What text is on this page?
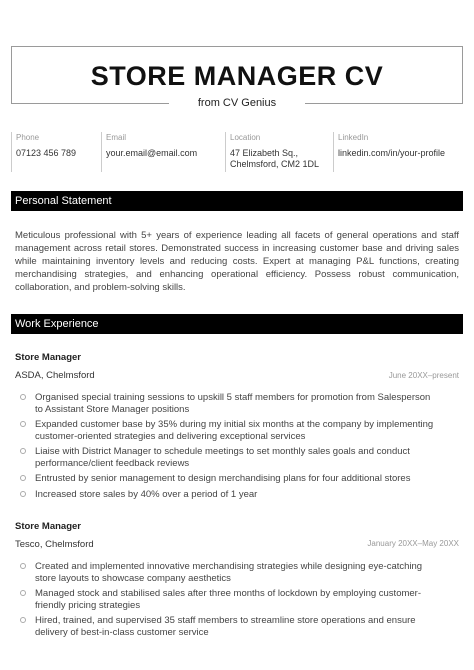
STORE MANAGER CV
from CV Genius
Phone
07123 456 789
Email
your.email@email.com
Location
47 Elizabeth Sq.,
Chelmsford, CM2 1DL
LinkedIn
linkedin.com/in/your-profile
Personal Statement
Meticulous professional with 5+ years of experience leading all facets of general operations and staff management across retail stores. Demonstrated success in increasing customer base and driving sales while maintaining inventory levels and reducing costs. Expert at managing P&L functions, creating merchandising strategies, and enhancing operational efficiency. Possess robust communication, collaboration, and problem-solving skills.
Work Experience
Store Manager
ASDA, Chelmsford	June 20XX–present
Organised special training sessions to upskill 5 staff members for promotion from Salesperson to Assistant Store Manager positions
Expanded customer base by 35% during my initial six months at the company by implementing customer-oriented strategies and delivering exceptional services
Liaise with District Manager to schedule meetings to set monthly sales goals and conduct performance/client feedback reviews
Entrusted by senior management to design merchandising plans for four additional stores
Increased store sales by 40% over a period of 1 year
Store Manager
Tesco, Chelmsford	January 20XX–May 20XX
Created and implemented innovative merchandising strategies while designing eye-catching store layouts to showcase company aesthetics
Managed stock and stabilised sales after three months of lockdown by employing customer-friendly pricing strategies
Hired, trained, and supervised 35 staff members to streamline store operations and ensure delivery of best-in-class customer service
